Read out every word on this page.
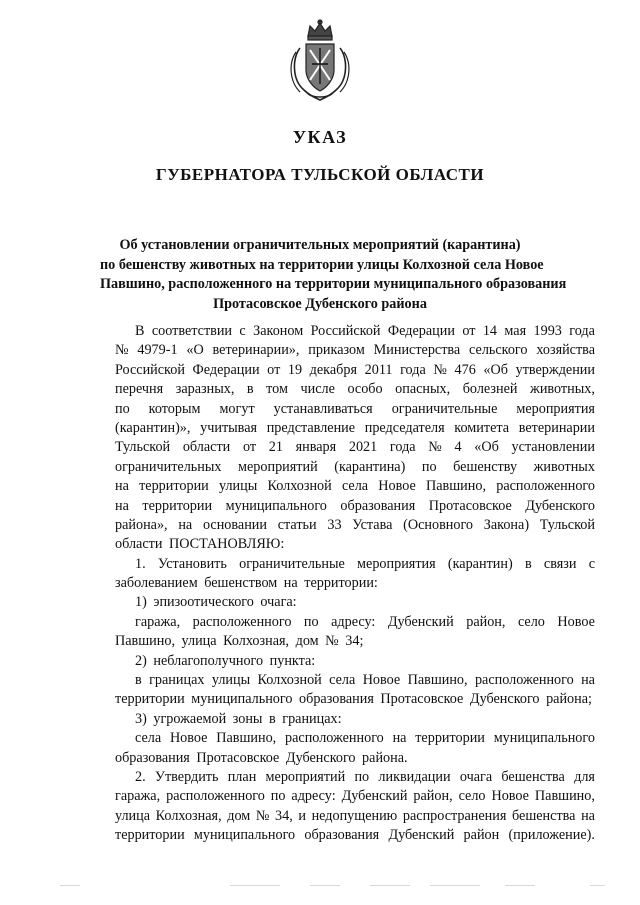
УКАЗ
ГУБЕРНАТОРА ТУЛЬСКОЙ ОБЛАСТИ
Об установлении ограничительных мероприятий (карантина)
по бешенству животных на территории улицы Колхозной села Новое
Павшино, расположенного на территории муниципального образования
Протасовское Дубенского района
В соответствии с Законом Российской Федерации от 14 мая 1993 года
№ 4979-1 «О ветеринарии», приказом Министерства сельского хозяйства
Российской Федерации от 19 декабря 2011 года № 476 «Об утверждении
перечня заразных, в том числе особо опасных, болезней животных,
по которым могут устанавливаться ограничительные мероприятия
(карантин)», учитывая представление председателя комитета ветеринарии
Тульской области от 21 января 2021 года № 4 «Об установлении
ограничительных мероприятий (карантина) по бешенству животных
на территории улицы Колхозной села Новое Павшино, расположенного
на территории муниципального образования Протасовское Дубенского
района», на основании статьи 33 Устава (Основного Закона) Тульской
области ПОСТАНОВЛЯЮ:
1. Установить ограничительные мероприятия (карантин) в связи с
заболеванием бешенством на территории:
1) эпизоотического очага:
гаража, расположенного по адресу: Дубенский район, село Новое
Павшино, улица Колхозная, дом № 34;
2) неблагополучного пункта:
в границах улицы Колхозной села Новое Павшино, расположенного на
территории муниципального образования Протасовское Дубенского района;
3) угрожаемой зоны в границах:
села Новое Павшино, расположенного на территории муниципального
образования Протасовское Дубенского района.
2. Утвердить план мероприятий по ликвидации очага бешенства для
гаража, расположенного по адресу: Дубенский район, село Новое Павшино,
улица Колхозная, дом № 34, и недопущению распространения бешенства на
территории муниципального образования Дубенский район (приложение).
